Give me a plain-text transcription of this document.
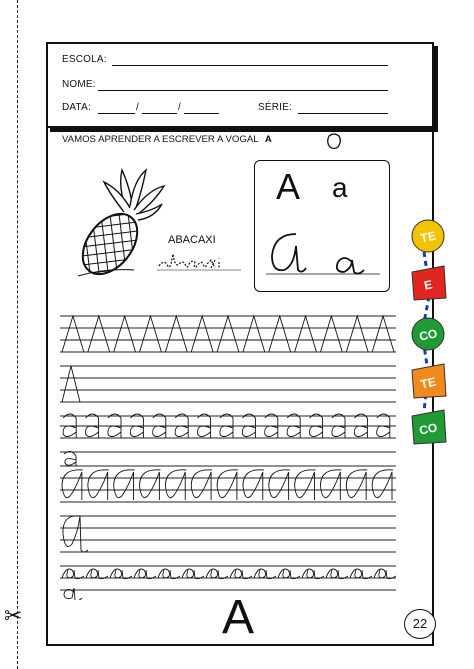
✂
ESCOLA:
NOME:
DATA:	/	/	SÉRIE:
VAMOS APRENDER A ESCREVER A VOGAL A
ABACAXI
A a
TE
E
CO
TE
CO
A	22
